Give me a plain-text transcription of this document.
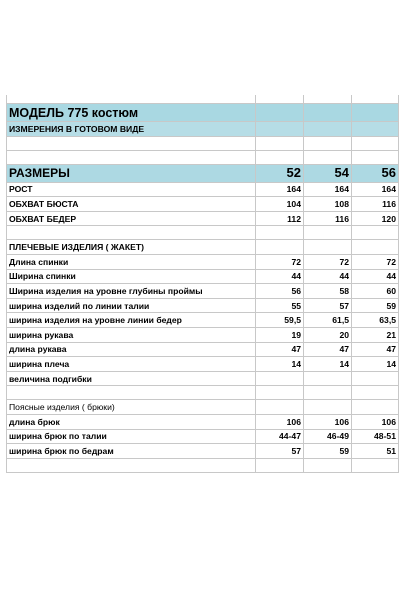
МОДЕЛЬ 775 костюм			
ИЗМЕРЕНИЯ В ГОТОВОМ ВИДЕ			

РАЗМЕРЫ	52	54	56
РОСТ	164	164	164
ОБХВАТ БЮСТА	104	108	116
ОБХВАТ БЕДЕР	112	116	120

ПЛЕЧЕВЫЕ ИЗДЕЛИЯ ( ЖАКЕТ)			
Длина спинки	72	72	72
Ширина спинки	44	44	44
Ширина изделия на уровне глубины проймы	56	58	60
ширина изделий по линии талии	55	57	59
ширина изделия на уровне линии бедер	59,5	61,5	63,5
ширина рукава	19	20	21
длина рукава	47	47	47
ширина плеча	14	14	14
величина подгибки			

Поясные изделия ( брюки)			
длина брюк	106	106	106
ширина брюк по талии	44-47	46-49	48-51
ширина брюк по бедрам	57	59	51
